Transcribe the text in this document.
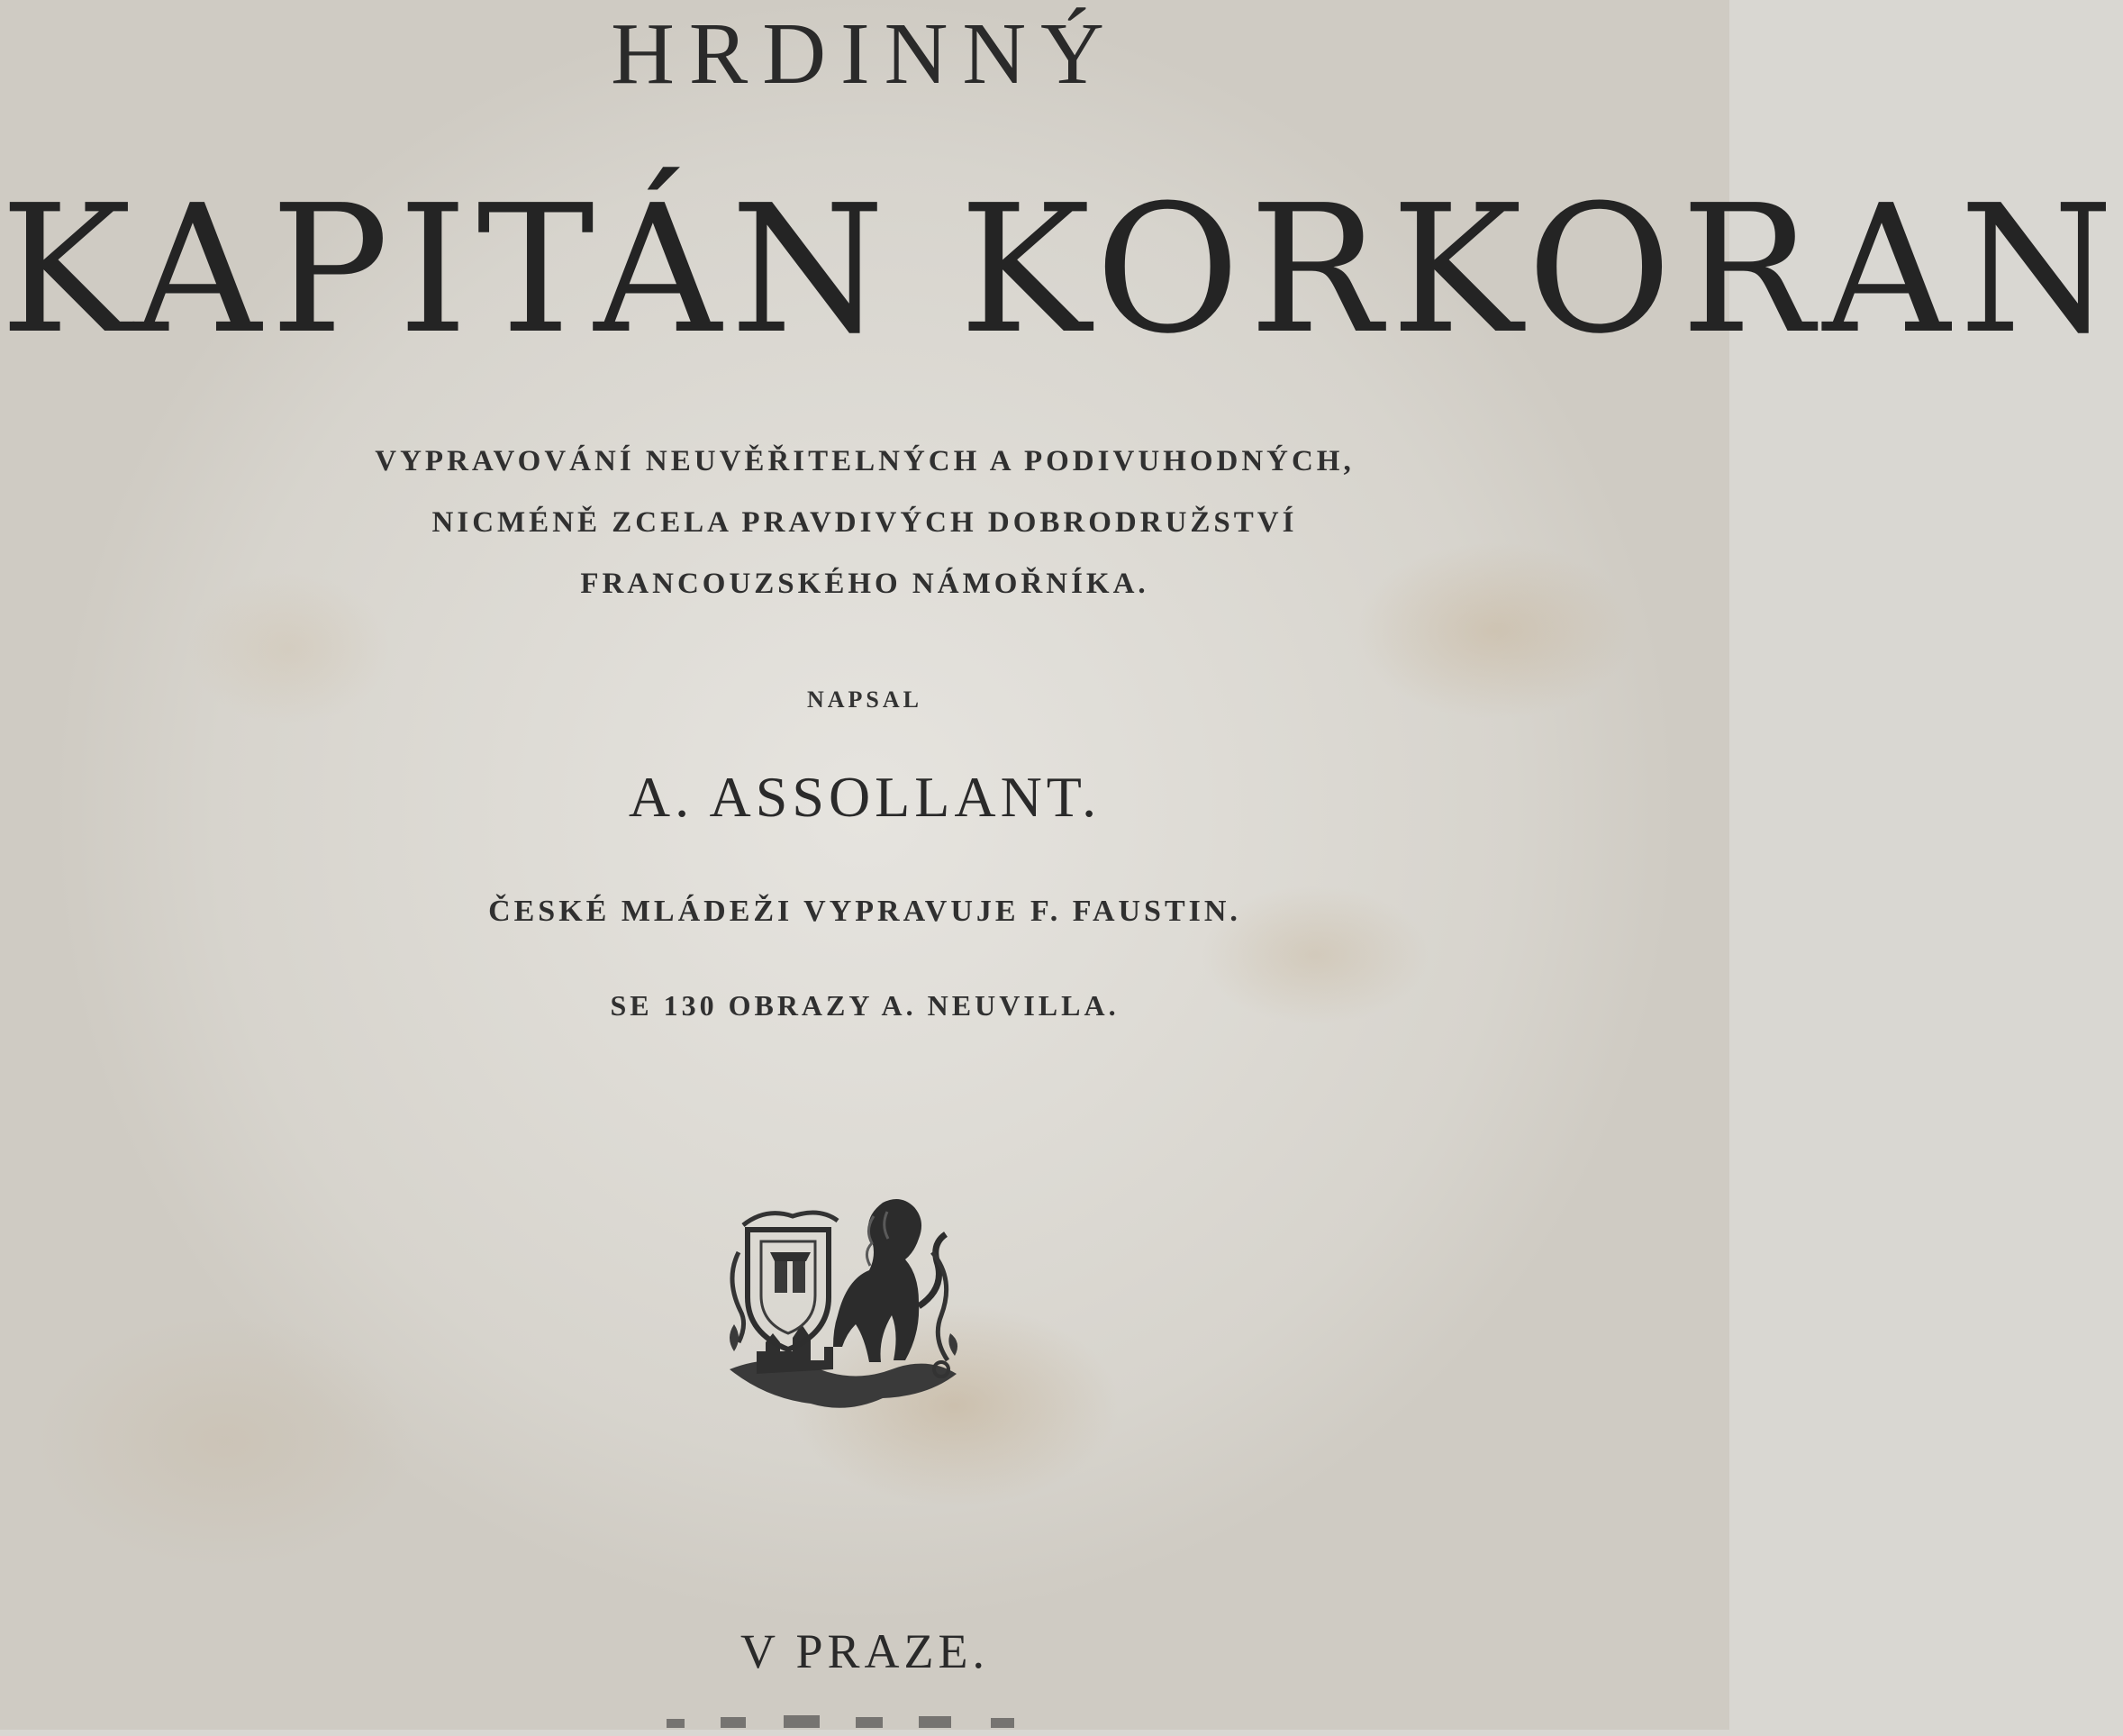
HRDINNÝ
KAPITÁN KORKORAN
VYPRAVOVÁNÍ NEUVĚŘITELNÝCH A PODIVUHODNÝCH,
NICMÉNĚ ZCELA PRAVDIVÝCH DOBRODRUŽSTVÍ
FRANCOUZSKÉHO NÁMOŘNÍKA.
NAPSAL
A. ASSOLLANT.
ČESKÉ MLÁDEŽI VYPRAVUJE F. FAUSTIN.
SE 130 OBRAZY A. NEUVILLA.
V PRAZE.
